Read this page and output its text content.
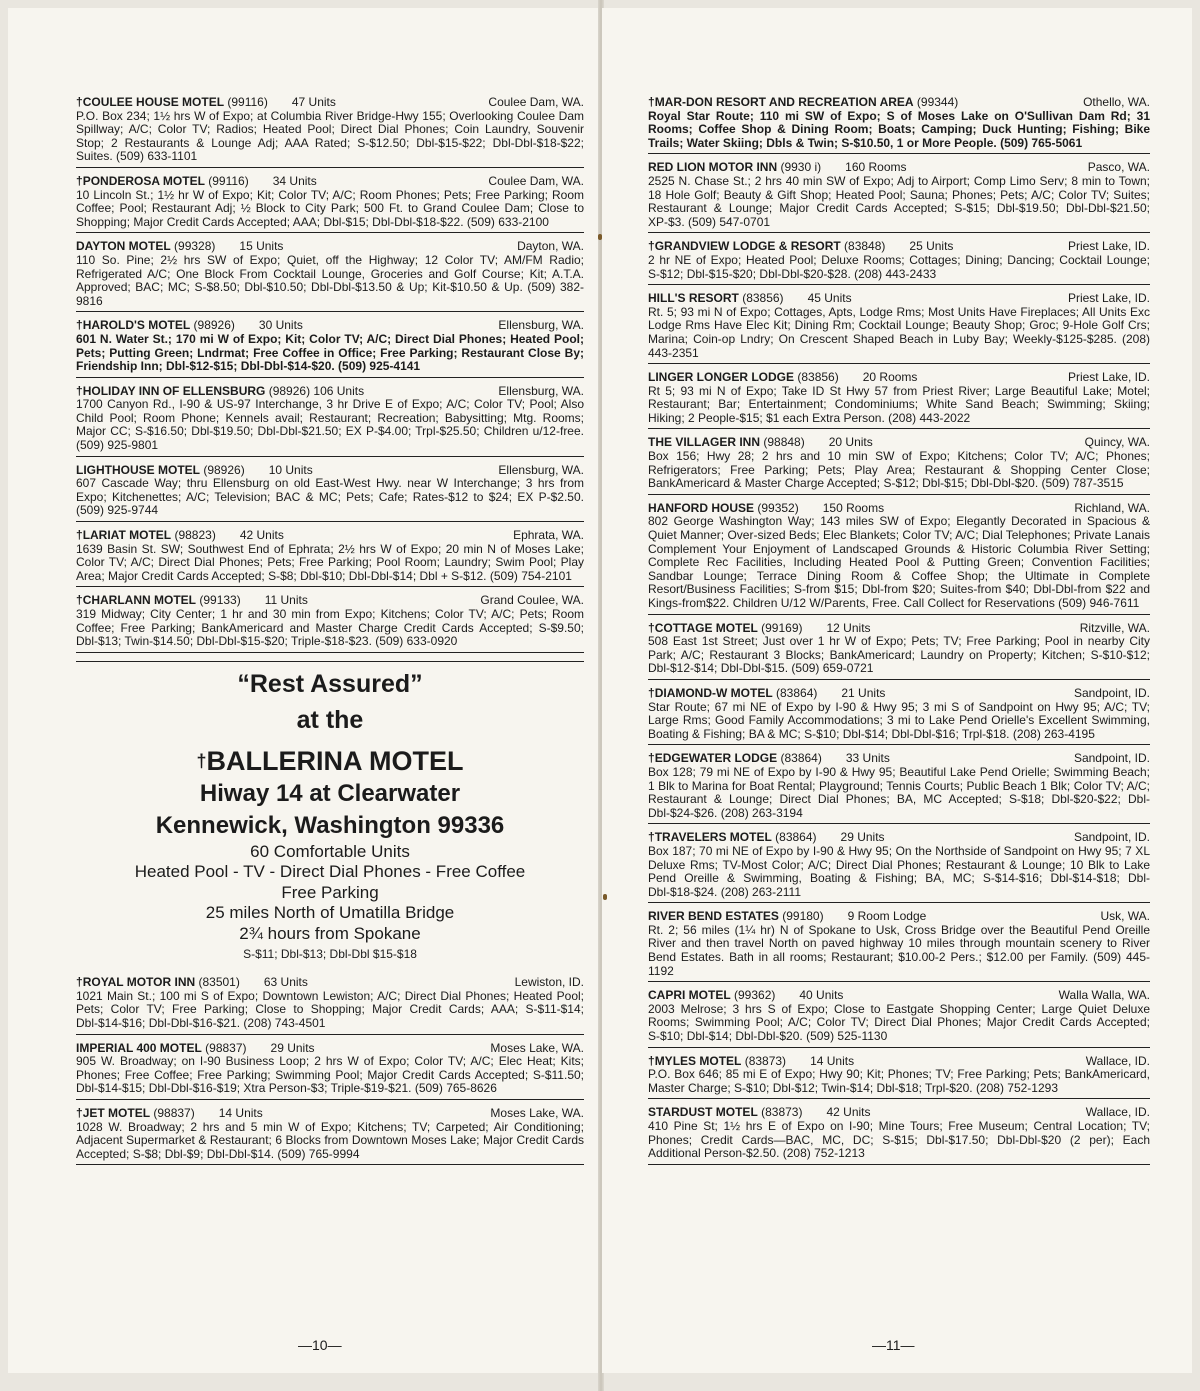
†COULEE HOUSE MOTEL (99116) 47 Units	Coulee Dam, WA.
P.O. Box 234; 1½ hrs W of Expo; at Columbia River Bridge-Hwy 155; Overlooking Coulee Dam Spillway; A/C; Color TV; Radios; Heated Pool; Direct Dial Phones; Coin Laundry, Souvenir Stop; 2 Restaurants & Lounge Adj; AAA Rated; S-$12.50; Dbl-$15-$22; Dbl-Dbl-$18-$22; Suites. (509) 633-1101
†PONDEROSA MOTEL (99116) 34 Units	Coulee Dam, WA.
10 Lincoln St.; 1½ hr W of Expo; Kit; Color TV; A/C; Room Phones; Pets; Free Parking; Room Coffee; Pool; Restaurant Adj; ½ Block to City Park; 500 Ft. to Grand Coulee Dam; Close to Shopping; Major Credit Cards Accepted; AAA; Dbl-$15; Dbl-Dbl-$18-$22. (509) 633-2100
DAYTON MOTEL (99328) 15 Units	Dayton, WA.
110 So. Pine; 2½ hrs SW of Expo; Quiet, off the Highway; 12 Color TV; AM/FM Radio; Refrigerated A/C; One Block From Cocktail Lounge, Groceries and Golf Course; Kit; A.T.A. Approved; BAC; MC; S-$8.50; Dbl-$10.50; Dbl-Dbl-$13.50 & Up; Kit-$10.50 & Up. (509) 382-9816
†HAROLD'S MOTEL (98926) 30 Units	Ellensburg, WA.
601 N. Water St.; 170 mi W of Expo; Kit; Color TV; A/C; Direct Dial Phones; Heated Pool; Pets; Putting Green; Lndrmat; Free Coffee in Office; Free Parking; Restaurant Close By; Friendship Inn; Dbl-$12-$15; Dbl-Dbl-$14-$20. (509) 925-4141
†HOLIDAY INN OF ELLENSBURG (98926) 106 Units	Ellensburg, WA.
1700 Canyon Rd., I-90 & US-97 Interchange, 3 hr Drive E of Expo; A/C; Color TV; Pool; Also Child Pool; Room Phone; Kennels avail; Restaurant; Recreation; Babysitting; Mtg. Rooms; Major CC; S-$16.50; Dbl-$19.50; Dbl-Dbl-$21.50; EX P-$4.00; Trpl-$25.50; Children u/12-free. (509) 925-9801
LIGHTHOUSE MOTEL (98926) 10 Units	Ellensburg, WA.
607 Cascade Way; thru Ellensburg on old East-West Hwy. near W Interchange; 3 hrs from Expo; Kitchenettes; A/C; Television; BAC & MC; Pets; Cafe; Rates-$12 to $24; EX P-$2.50. (509) 925-9744
†LARIAT MOTEL (98823) 42 Units	Ephrata, WA.
1639 Basin St. SW; Southwest End of Ephrata; 2½ hrs W of Expo; 20 min N of Moses Lake; Color TV; A/C; Direct Dial Phones; Pets; Free Parking; Pool Room; Laundry; Swim Pool; Play Area; Major Credit Cards Accepted; S-$8; Dbl-$10; Dbl-Dbl-$14; Dbl + S-$12. (509) 754-2101
†CHARLANN MOTEL (99133) 11 Units	Grand Coulee, WA.
319 Midway; City Center; 1 hr and 30 min from Expo; Kitchens; Color TV; A/C; Pets; Room Coffee; Free Parking; BankAmericard and Master Charge Credit Cards Accepted; S-$9.50; Dbl-$13; Twin-$14.50; Dbl-Dbl-$15-$20; Triple-$18-$23. (509) 633-0920
“Rest Assured”
at the
†BALLERINA MOTEL
Hiway 14 at Clearwater
Kennewick, Washington 99336
60 Comfortable Units
Heated Pool - TV - Direct Dial Phones - Free Coffee
Free Parking
25 miles North of Umatilla Bridge
2¾ hours from Spokane
S-$11; Dbl-$13; Dbl-Dbl $15-$18
†ROYAL MOTOR INN (83501) 63 Units	Lewiston, ID.
1021 Main St.; 100 mi S of Expo; Downtown Lewiston; A/C; Direct Dial Phones; Heated Pool; Pets; Color TV; Free Parking; Close to Shopping; Major Credit Cards; AAA; S-$11-$14; Dbl-$14-$16; Dbl-Dbl-$16-$21. (208) 743-4501
IMPERIAL 400 MOTEL (98837) 29 Units	Moses Lake, WA.
905 W. Broadway; on I-90 Business Loop; 2 hrs W of Expo; Color TV; A/C; Elec Heat; Kits; Phones; Free Coffee; Free Parking; Swimming Pool; Major Credit Cards Accepted; S-$11.50; Dbl-$14-$15; Dbl-Dbl-$16-$19; Xtra Person-$3; Triple-$19-$21. (509) 765-8626
†JET MOTEL (98837) 14 Units	Moses Lake, WA.
1028 W. Broadway; 2 hrs and 5 min W of Expo; Kitchens; TV; Carpeted; Air Conditioning; Adjacent Supermarket & Restaurant; 6 Blocks from Downtown Moses Lake; Major Credit Cards Accepted; S-$8; Dbl-$9; Dbl-Dbl-$14. (509) 765-9994
—10—
†MAR-DON RESORT AND RECREATION AREA (99344)	Othello, WA.
Royal Star Route; 110 mi SW of Expo; S of Moses Lake on O'Sullivan Dam Rd; 31 Rooms; Coffee Shop & Dining Room; Boats; Camping; Duck Hunting; Fishing; Bike Trails; Water Skiing; Dbls & Twin; S-$10.50, 1 or More People. (509) 765-5061
RED LION MOTOR INN (9930 i) 160 Rooms	Pasco, WA.
2525 N. Chase St.; 2 hrs 40 min SW of Expo; Adj to Airport; Comp Limo Serv; 8 min to Town; 18 Hole Golf; Beauty & Gift Shop; Heated Pool; Sauna; Phones; Pets; A/C; Color TV; Suites; Restaurant & Lounge; Major Credit Cards Accepted; S-$15; Dbl-$19.50; Dbl-Dbl-$21.50; XP-$3. (509) 547-0701
†GRANDVIEW LODGE & RESORT (83848) 25 Units	Priest Lake, ID.
2 hr NE of Expo; Heated Pool; Deluxe Rooms; Cottages; Dining; Dancing; Cocktail Lounge; S-$12; Dbl-$15-$20; Dbl-Dbl-$20-$28. (208) 443-2433
HILL'S RESORT (83856) 45 Units	Priest Lake, ID.
Rt. 5; 93 mi N of Expo; Cottages, Apts, Lodge Rms; Most Units Have Fireplaces; All Units Exc Lodge Rms Have Elec Kit; Dining Rm; Cocktail Lounge; Beauty Shop; Groc; 9-Hole Golf Crs; Marina; Coin-op Lndry; On Crescent Shaped Beach in Luby Bay; Weekly-$125-$285. (208) 443-2351
LINGER LONGER LODGE (83856) 20 Rooms	Priest Lake, ID.
Rt 5; 93 mi N of Expo; Take ID St Hwy 57 from Priest River; Large Beautiful Lake; Motel; Restaurant; Bar; Entertainment; Condominiums; White Sand Beach; Swimming; Skiing; Hiking; 2 People-$15; $1 each Extra Person. (208) 443-2022
THE VILLAGER INN (98848) 20 Units	Quincy, WA.
Box 156; Hwy 28; 2 hrs and 10 min SW of Expo; Kitchens; Color TV; A/C; Phones; Refrigerators; Free Parking; Pets; Play Area; Restaurant & Shopping Center Close; BankAmericard & Master Charge Accepted; S-$12; Dbl-$15; Dbl-Dbl-$20. (509) 787-3515
HANFORD HOUSE (99352) 150 Rooms	Richland, WA.
802 George Washington Way; 143 miles SW of Expo; Elegantly Decorated in Spacious & Quiet Manner; Over-sized Beds; Elec Blankets; Color TV; A/C; Dial Telephones; Private Lanais Complement Your Enjoyment of Landscaped Grounds & Historic Columbia River Setting; Complete Rec Facilities, Including Heated Pool & Putting Green; Convention Facilities; Sandbar Lounge; Terrace Dining Room & Coffee Shop; the Ultimate in Complete Resort/Business Facilities; S-from $15; Dbl-from $20; Suites-from $40; Dbl-Dbl-from $22 and Kings-from$22. Children U/12 W/Parents, Free. Call Collect for Reservations (509) 946-7611
†COTTAGE MOTEL (99169) 12 Units	Ritzville, WA.
508 East 1st Street; Just over 1 hr W of Expo; Pets; TV; Free Parking; Pool in nearby City Park; A/C; Restaurant 3 Blocks; BankAmericard; Laundry on Property; Kitchen; S-$10-$12; Dbl-$12-$14; Dbl-Dbl-$15. (509) 659-0721
†DIAMOND-W MOTEL (83864) 21 Units	Sandpoint, ID.
Star Route; 67 mi NE of Expo by I-90 & Hwy 95; 3 mi S of Sandpoint on Hwy 95; A/C; TV; Large Rms; Good Family Accommodations; 3 mi to Lake Pend Orielle's Excellent Swimming, Boating & Fishing; BA & MC; S-$10; Dbl-$14; Dbl-Dbl-$16; Trpl-$18. (208) 263-4195
†EDGEWATER LODGE (83864) 33 Units	Sandpoint, ID.
Box 128; 79 mi NE of Expo by I-90 & Hwy 95; Beautiful Lake Pend Orielle; Swimming Beach; 1 Blk to Marina for Boat Rental; Playground; Tennis Courts; Public Beach 1 Blk; Color TV; A/C; Restaurant & Lounge; Direct Dial Phones; BA, MC Accepted; S-$18; Dbl-$20-$22; Dbl-Dbl-$24-$26. (208) 263-3194
†TRAVELERS MOTEL (83864) 29 Units	Sandpoint, ID.
Box 187; 70 mi NE of Expo by I-90 & Hwy 95; On the Northside of Sandpoint on Hwy 95; 7 XL Deluxe Rms; TV-Most Color; A/C; Direct Dial Phones; Restaurant & Lounge; 10 Blk to Lake Pend Oreille & Swimming, Boating & Fishing; BA, MC; S-$14-$16; Dbl-$14-$18; Dbl-Dbl-$18-$24. (208) 263-2111
RIVER BEND ESTATES (99180) 9 Room Lodge	Usk, WA.
Rt. 2; 56 miles (1¼ hr) N of Spokane to Usk, Cross Bridge over the Beautiful Pend Oreille River and then travel North on paved highway 10 miles through mountain scenery to River Bend Estates. Bath in all rooms; Restaurant; $10.00-2 Pers.; $12.00 per Family. (509) 445-1192
CAPRI MOTEL (99362) 40 Units	Walla Walla, WA.
2003 Melrose; 3 hrs S of Expo; Close to Eastgate Shopping Center; Large Quiet Deluxe Rooms; Swimming Pool; A/C; Color TV; Direct Dial Phones; Major Credit Cards Accepted; S-$10; Dbl-$14; Dbl-Dbl-$20. (509) 525-1130
†MYLES MOTEL (83873) 14 Units	Wallace, ID.
P.O. Box 646; 85 mi E of Expo; Hwy 90; Kit; Phones; TV; Free Parking; Pets; BankAmericard, Master Charge; S-$10; Dbl-$12; Twin-$14; Dbl-$18; Trpl-$20. (208) 752-1293
STARDUST MOTEL (83873) 42 Units	Wallace, ID.
410 Pine St; 1½ hrs E of Expo on I-90; Mine Tours; Free Museum; Central Location; TV; Phones; Credit Cards—BAC, MC, DC; S-$15; Dbl-$17.50; Dbl-Dbl-$20 (2 per); Each Additional Person-$2.50. (208) 752-1213
—11—
